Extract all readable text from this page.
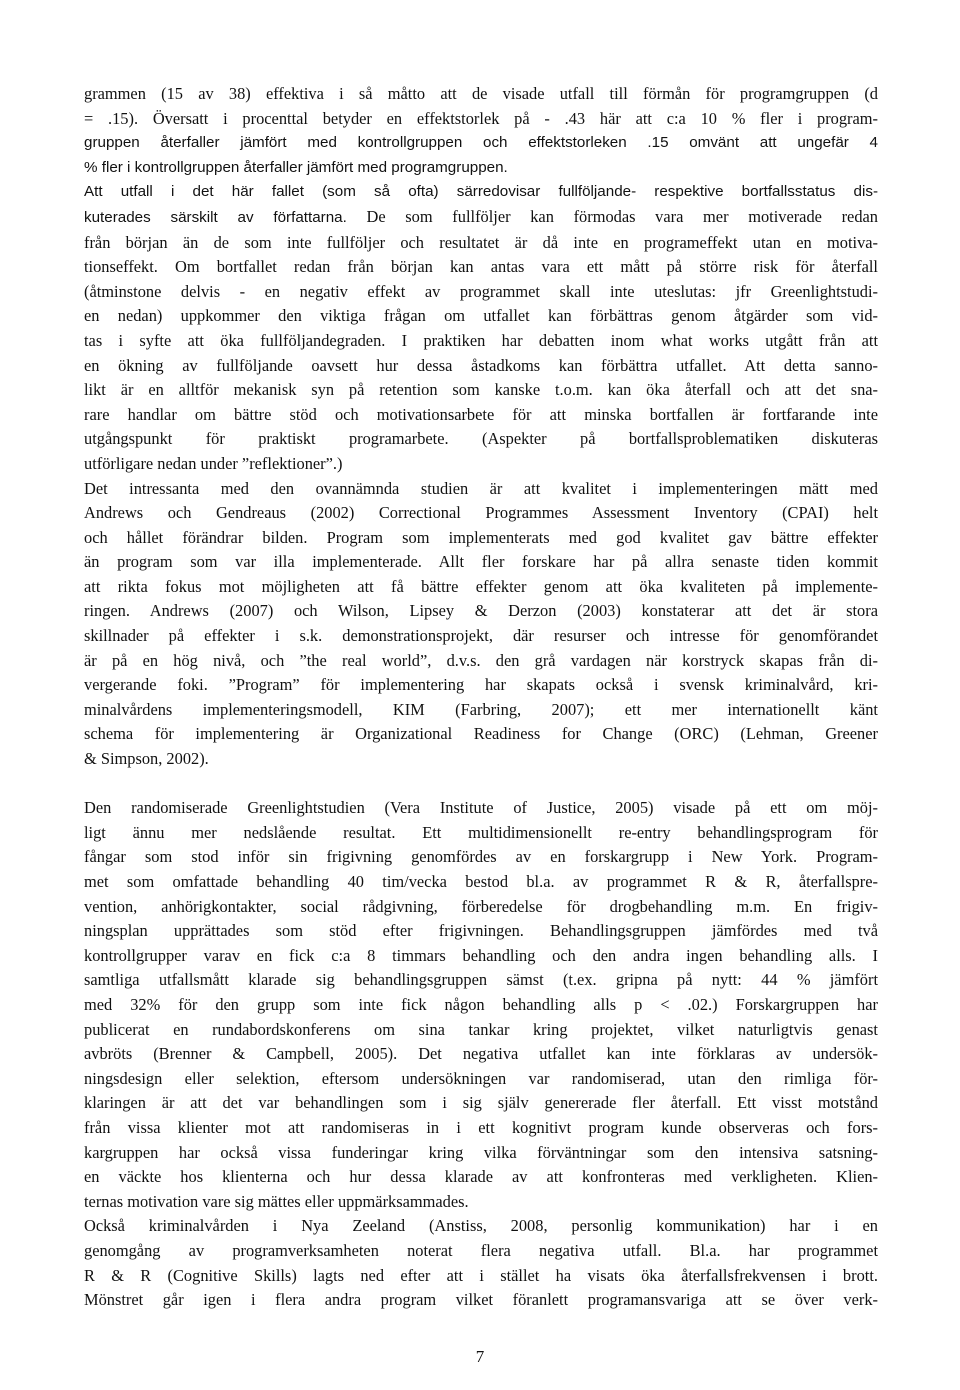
grammen (15 av 38) effektiva i så måtto att de visade utfall till förmån för programgruppen (d
= .15). Översatt i procenttal betyder en effektstorlek på - .43 här att c:a 10 % fler i program-
gruppen återfaller jämfört med kontrollgruppen och effektstorleken .15 omvänt att ungefär 4
% fler i kontrollgruppen återfaller jämfört med programgruppen.

Att utfall i det här fallet (som så ofta) särredovisar fullföljande- respektive bortfallsstatus dis-
kuterades särskilt av författarna. De som fullföljer kan förmodas vara mer motiverade redan
från början än de som inte fullföljer och resultatet är då inte en programeffekt utan en motiva-
tionseffekt. Om bortfallet redan från början kan antas vara ett mått på större risk för återfall
(åtminstone delvis - en negativ effekt av programmet skall inte uteslutas: jfr Greenlightstudi-
en nedan) uppkommer den viktiga frågan om utfallet kan förbättras genom åtgärder som vid-
tas i syfte att öka fullföljandegraden. I praktiken har debatten inom what works utgått från att
en ökning av fullföljande oavsett hur dessa åstadkoms kan förbättra utfallet. Att detta sanno-
likt är en alltför mekanisk syn på retention som kanske t.o.m. kan öka återfall och att det sna-
rare handlar om bättre stöd och motivationsarbete för att minska bortfallen är fortfarande inte
utgångspunkt för praktiskt programarbete. (Aspekter på bortfallsproblematiken diskuteras
utförligare nedan under ”reflektioner”.)

Det intressanta med den ovannämnda studien är att kvalitet i implementeringen mätt med
Andrews och Gendreaus (2002) Correctional Programmes Assessment Inventory (CPAI) helt
och hållet förändrar bilden. Program som implementerats med god kvalitet gav bättre effekter
än program som var illa implementerade. Allt fler forskare har på allra senaste tiden kommit
att rikta fokus mot möjligheten att få bättre effekter genom att öka kvaliteten på implemente-
ringen. Andrews (2007) och Wilson, Lipsey & Derzon (2003) konstaterar att det är stora
skillnader på effekter i s.k. demonstrationsprojekt, där resurser och intresse för genomförandet
är på en hög nivå, och ”the real world”, d.v.s. den grå vardagen när korstryck skapas från di-
vergerande foki. ”Program” för implementering har skapats också i svensk kriminalvård, kri-
minalvårdens implementeringsmodell, KIM (Farbring, 2007); ett mer internationellt känt
schema för implementering är Organizational Readiness for Change (ORC) (Lehman, Greener
& Simpson, 2002).

Den randomiserade Greenlightstudien (Vera Institute of Justice, 2005) visade på ett om möj-
ligt ännu mer nedslående resultat. Ett multidimensionellt re-entry behandlingsprogram för
fångar som stod inför sin frigivning genomfördes av en forskargrupp i New York. Program-
met som omfattade behandling 40 tim/vecka bestod bl.a. av programmet R & R, återfallspre-
vention, anhörigkontakter, social rådgivning, förberedelse för drogbehandling m.m. En frigiv-
ningsplan upprättades som stöd efter frigivningen. Behandlingsgruppen jämfördes med två
kontrollgrupper varav en fick c:a 8 timmars behandling och den andra ingen behandling alls. I
samtliga utfallsmått klarade sig behandlingsgruppen sämst (t.ex. gripna på nytt: 44 % jämfört
med 32% för den grupp som inte fick någon behandling alls p < .02.) Forskargruppen har
publicerat en rundabordskonferens om sina tankar kring projektet, vilket naturligtvis genast
avbröts (Brenner & Campbell, 2005). Det negativa utfallet kan inte förklaras av undersök-
ningsdesign eller selektion, eftersom undersökningen var randomiserad, utan den rimliga för-
klaringen är att det var behandlingen som i sig själv genererade fler återfall. Ett visst motstånd
från vissa klienter mot att randomiseras in i ett kognitivt program kunde observeras och fors-
kargruppen har också vissa funderingar kring vilka förväntningar som den intensiva satsning-
en väckte hos klienterna och hur dessa klarade av att konfronteras med verkligheten. Klien-
ternas motivation vare sig mättes eller uppmärksammades.

Också kriminalvården i Nya Zeeland (Anstiss, 2008, personlig kommunikation) har i en
genomgång av programverksamheten noterat flera negativa utfall. Bl.a. har programmet
R & R (Cognitive Skills) lagts ned efter att i stället ha visats öka återfallsfrekvensen i brott.
Mönstret går igen i flera andra program vilket föranlett programansvariga att se över verk-

7
